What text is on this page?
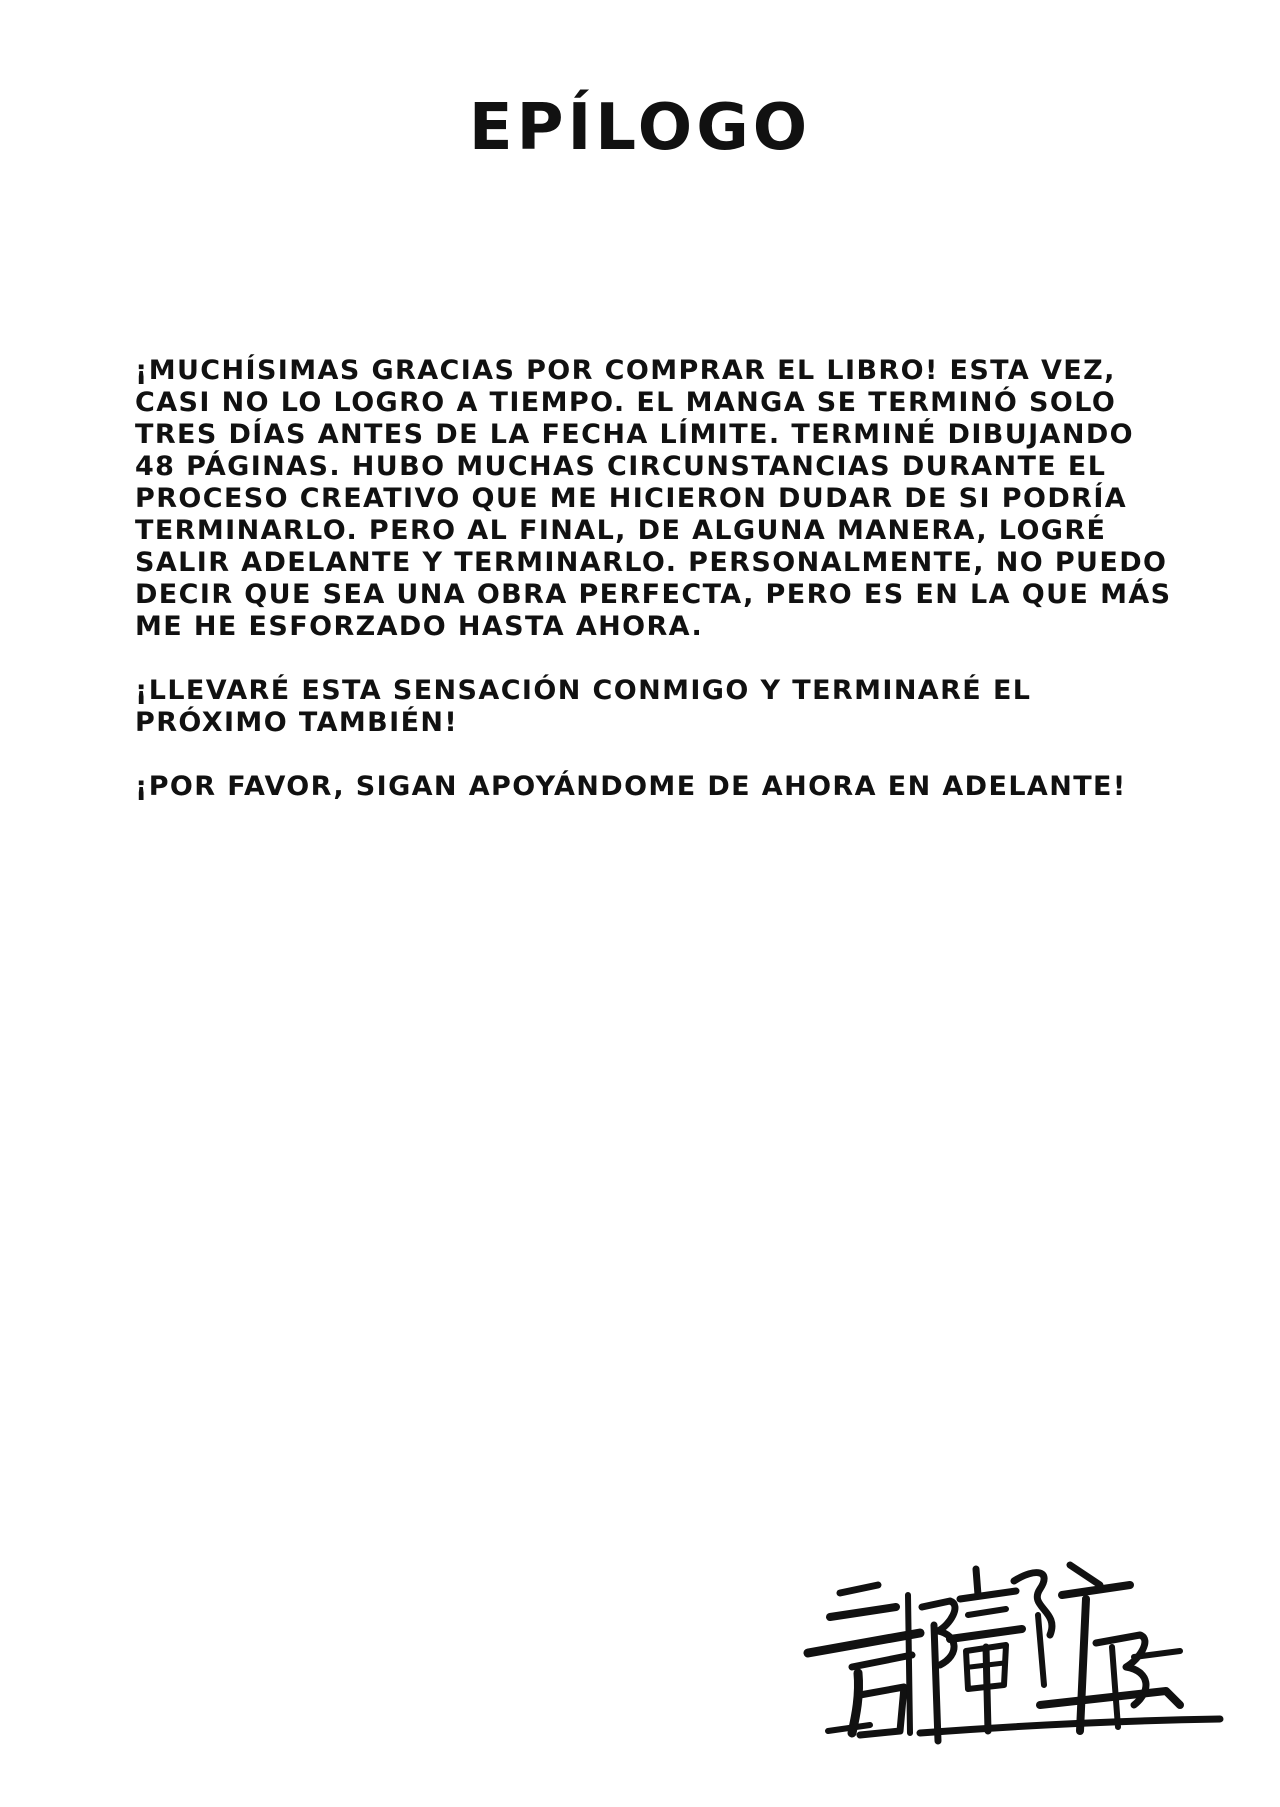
EPÍLOGO

¡MUCHÍSIMAS GRACIAS POR COMPRAR EL LIBRO! ESTA VEZ, CASI NO LO LOGRO A TIEMPO. EL MANGA SE TERMINÓ SOLO TRES DÍAS ANTES DE LA FECHA LÍMITE. TERMINÉ DIBUJANDO 48 PÁGINAS. HUBO MUCHAS CIRCUNSTANCIAS DURANTE EL PROCESO CREATIVO QUE ME HICIERON DUDAR DE SI PODRÍA TERMINARLO. PERO AL FINAL, DE ALGUNA MANERA, LOGRÉ SALIR ADELANTE Y TERMINARLO. PERSONALMENTE, NO PUEDO DECIR QUE SEA UNA OBRA PERFECTA, PERO ES EN LA QUE MÁS ME HE ESFORZADO HASTA AHORA.

¡LLEVARÉ ESTA SENSACIÓN CONMIGO Y TERMINARÉ EL PRÓXIMO TAMBIÉN!

¡POR FAVOR, SIGAN APOYÁNDOME DE AHORA EN ADELANTE!
